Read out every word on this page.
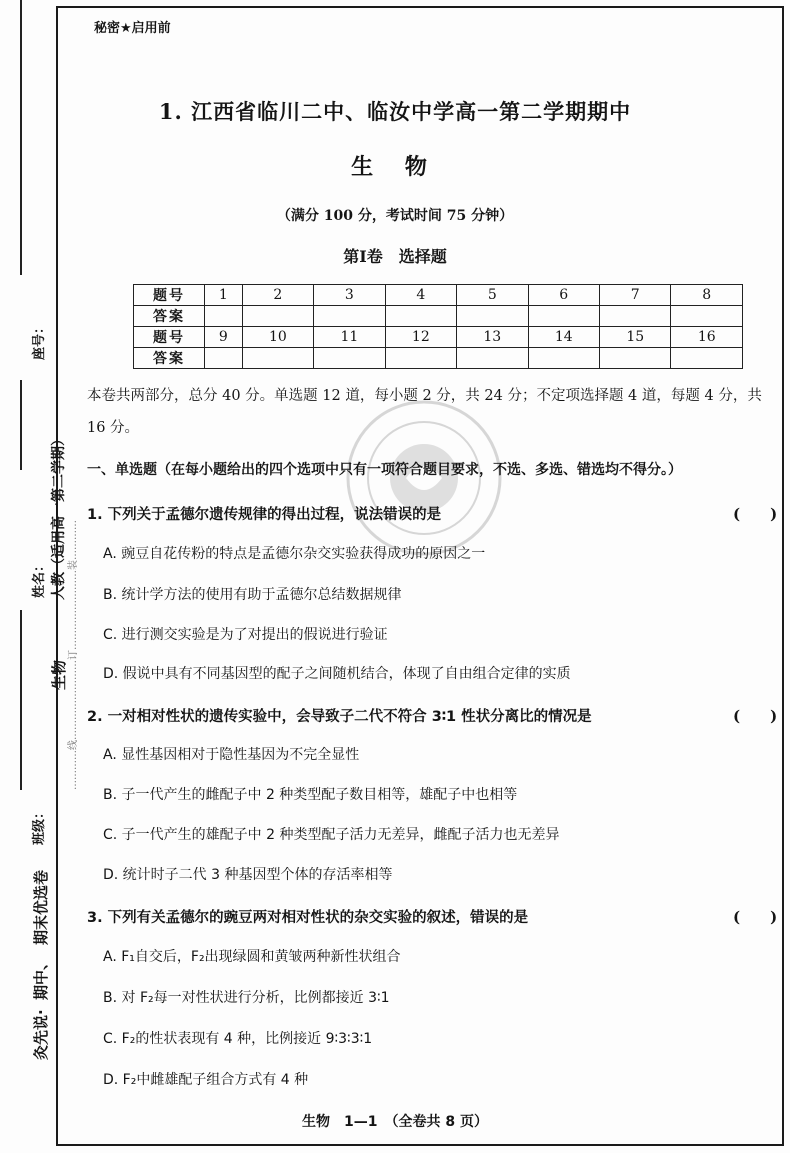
座号：
人教（适用高一第二学期）
姓名：
生物
班级：
期末优选卷
期中、
灸先说·
…………线……………………订……………………装…………
秘密★启用前
1. 江西省临川二中、临汝中学高一第二学期期中
生 物
（满分 100 分，考试时间 75 分钟）
第Ⅰ卷　选择题
题号	1	2	3	4	5	6	7	8
答案								
题号	9	10	11	12	13	14	15	16
答案								
本卷共两部分，总分 40 分。单选题 12 道，每小题 2 分，共 24 分；不定项选择题 4 道，每题 4 分，共 16 分。
一、单选题（在每小题给出的四个选项中只有一项符合题目要求，不选、多选、错选均不得分。）
1. 下列关于孟德尔遗传规律的得出过程，说法错误的是	(　　)
A. 豌豆自花传粉的特点是孟德尔杂交实验获得成功的原因之一
B. 统计学方法的使用有助于孟德尔总结数据规律
C. 进行测交实验是为了对提出的假说进行验证
D. 假说中具有不同基因型的配子之间随机结合，体现了自由组合定律的实质
2. 一对相对性状的遗传实验中，会导致子二代不符合 3∶1 性状分离比的情况是	(　　)
A. 显性基因相对于隐性基因为不完全显性
B. 子一代产生的雌配子中 2 种类型配子数目相等，雄配子中也相等
C. 子一代产生的雄配子中 2 种类型配子活力无差异，雌配子活力也无差异
D. 统计时子二代 3 种基因型个体的存活率相等
3. 下列有关孟德尔的豌豆两对相对性状的杂交实验的叙述，错误的是	(　　)
A. F₁自交后，F₂出现绿圆和黄皱两种新性状组合
B. 对 F₂每一对性状进行分析，比例都接近 3∶1
C. F₂的性状表现有 4 种，比例接近 9∶3∶3∶1
D. F₂中雌雄配子组合方式有 4 种
生物　1—1　（全卷共 8 页）
